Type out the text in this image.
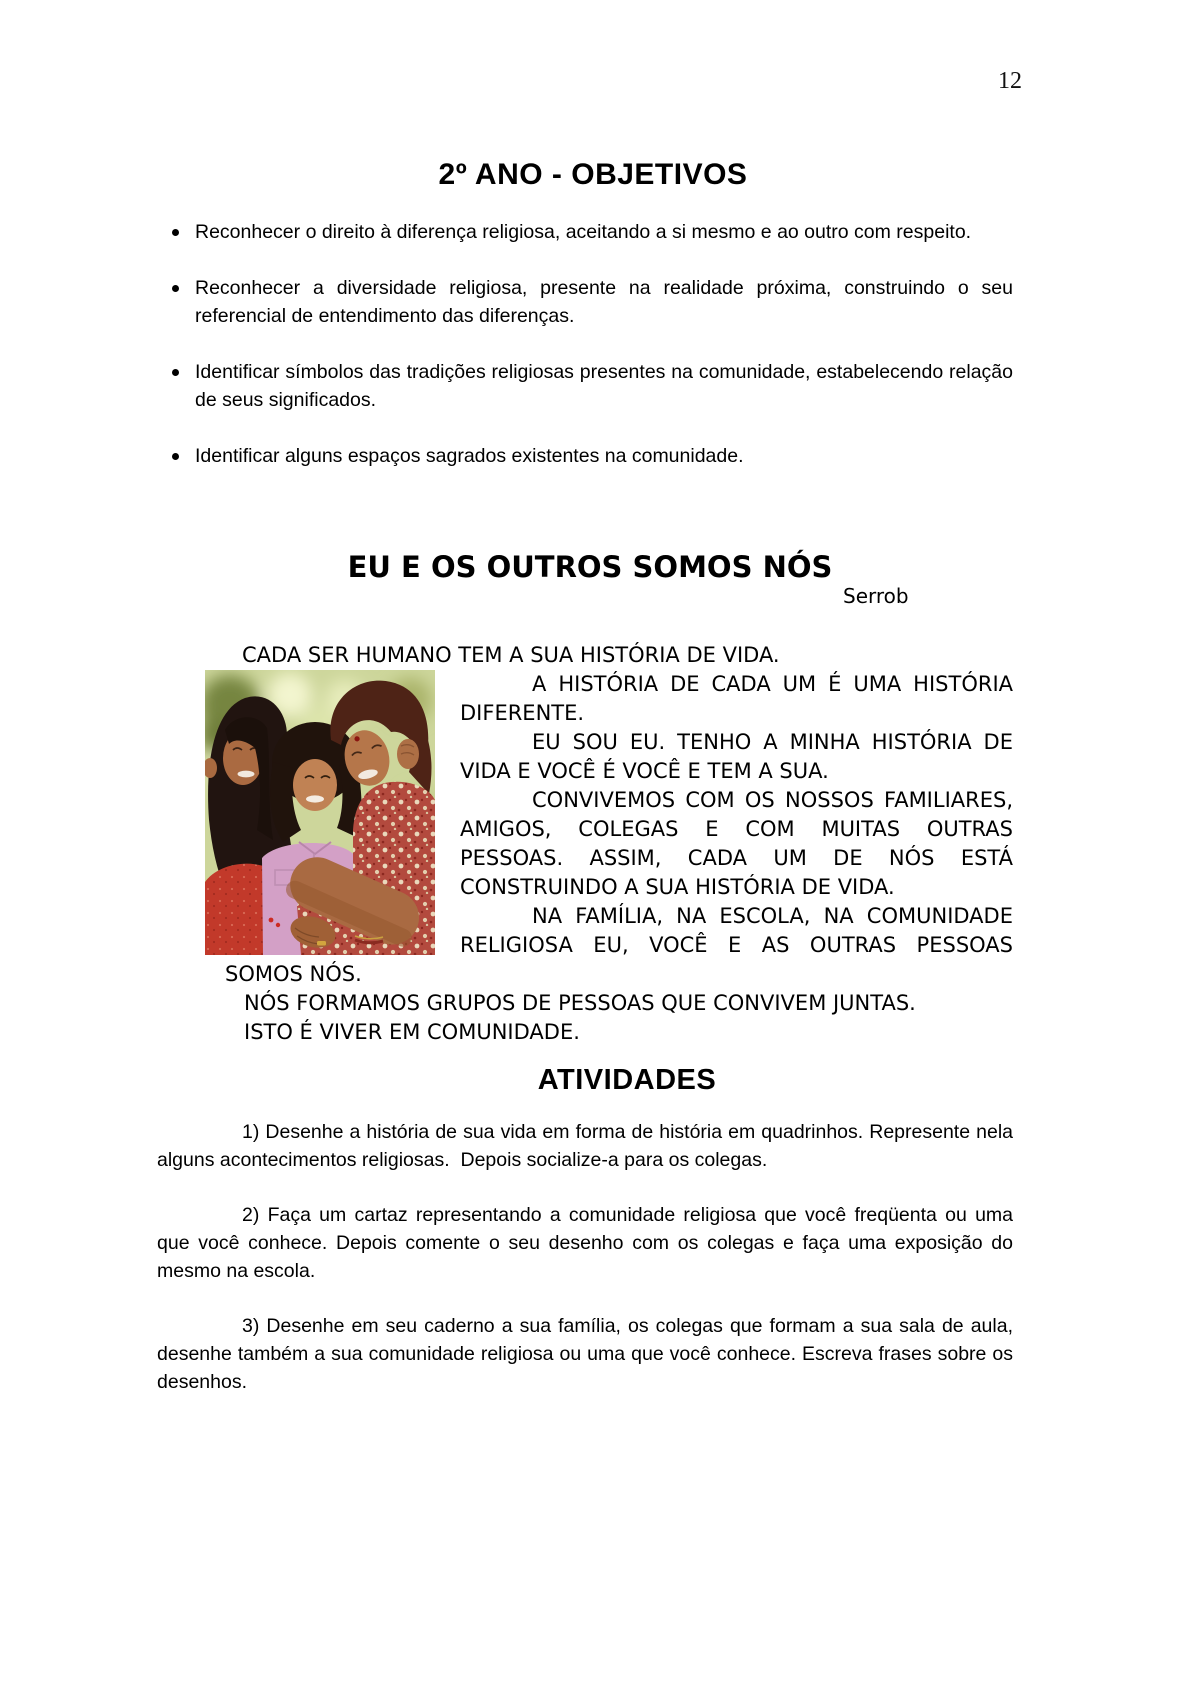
12
2º ANO - OBJETIVOS
Reconhecer o direito à diferença religiosa, aceitando a si mesmo e ao outro com respeito.
Reconhecer a diversidade religiosa, presente na realidade próxima, construindo o seu referencial de entendimento das diferenças.
Identificar símbolos das tradições religiosas presentes na comunidade, estabelecendo relação de seus significados.
Identificar alguns espaços sagrados existentes na comunidade.
EU E OS OUTROS SOMOS NÓS
Serrob

CADA SER HUMANO TEM A SUA HISTÓRIA DE VIDA.

A HISTÓRIA DE CADA UM É UMA HISTÓRIA DIFERENTE.

EU SOU EU. TENHO A MINHA HISTÓRIA DE VIDA E VOCÊ É VOCÊ E TEM A SUA.

CONVIVEMOS COM OS NOSSOS FAMILIARES, AMIGOS, COLEGAS E COM MUITAS OUTRAS PESSOAS. ASSIM, CADA UM DE NÓS ESTÁ CONSTRUINDO A SUA HISTÓRIA DE VIDA.

NA FAMÍLIA, NA ESCOLA, NA COMUNIDADE RELIGIOSA EU, VOCÊ E AS OUTRAS PESSOAS SOMOS NÓS.

NÓS FORMAMOS GRUPOS DE PESSOAS QUE CONVIVEM JUNTAS.

ISTO É VIVER EM COMUNIDADE.

ATIVIDADES

1) Desenhe a história de sua vida em forma de história em quadrinhos. Represente nela alguns acontecimentos religiosas.  Depois socialize-a para os colegas.

2) Faça um cartaz representando a comunidade religiosa que você freqüenta ou uma que você conhece. Depois comente o seu desenho com os colegas e faça uma exposição do mesmo na escola.

3) Desenhe em seu caderno a sua família, os colegas que formam a sua sala de aula, desenhe também a sua comunidade religiosa ou uma que você conhece. Escreva frases sobre os desenhos.
